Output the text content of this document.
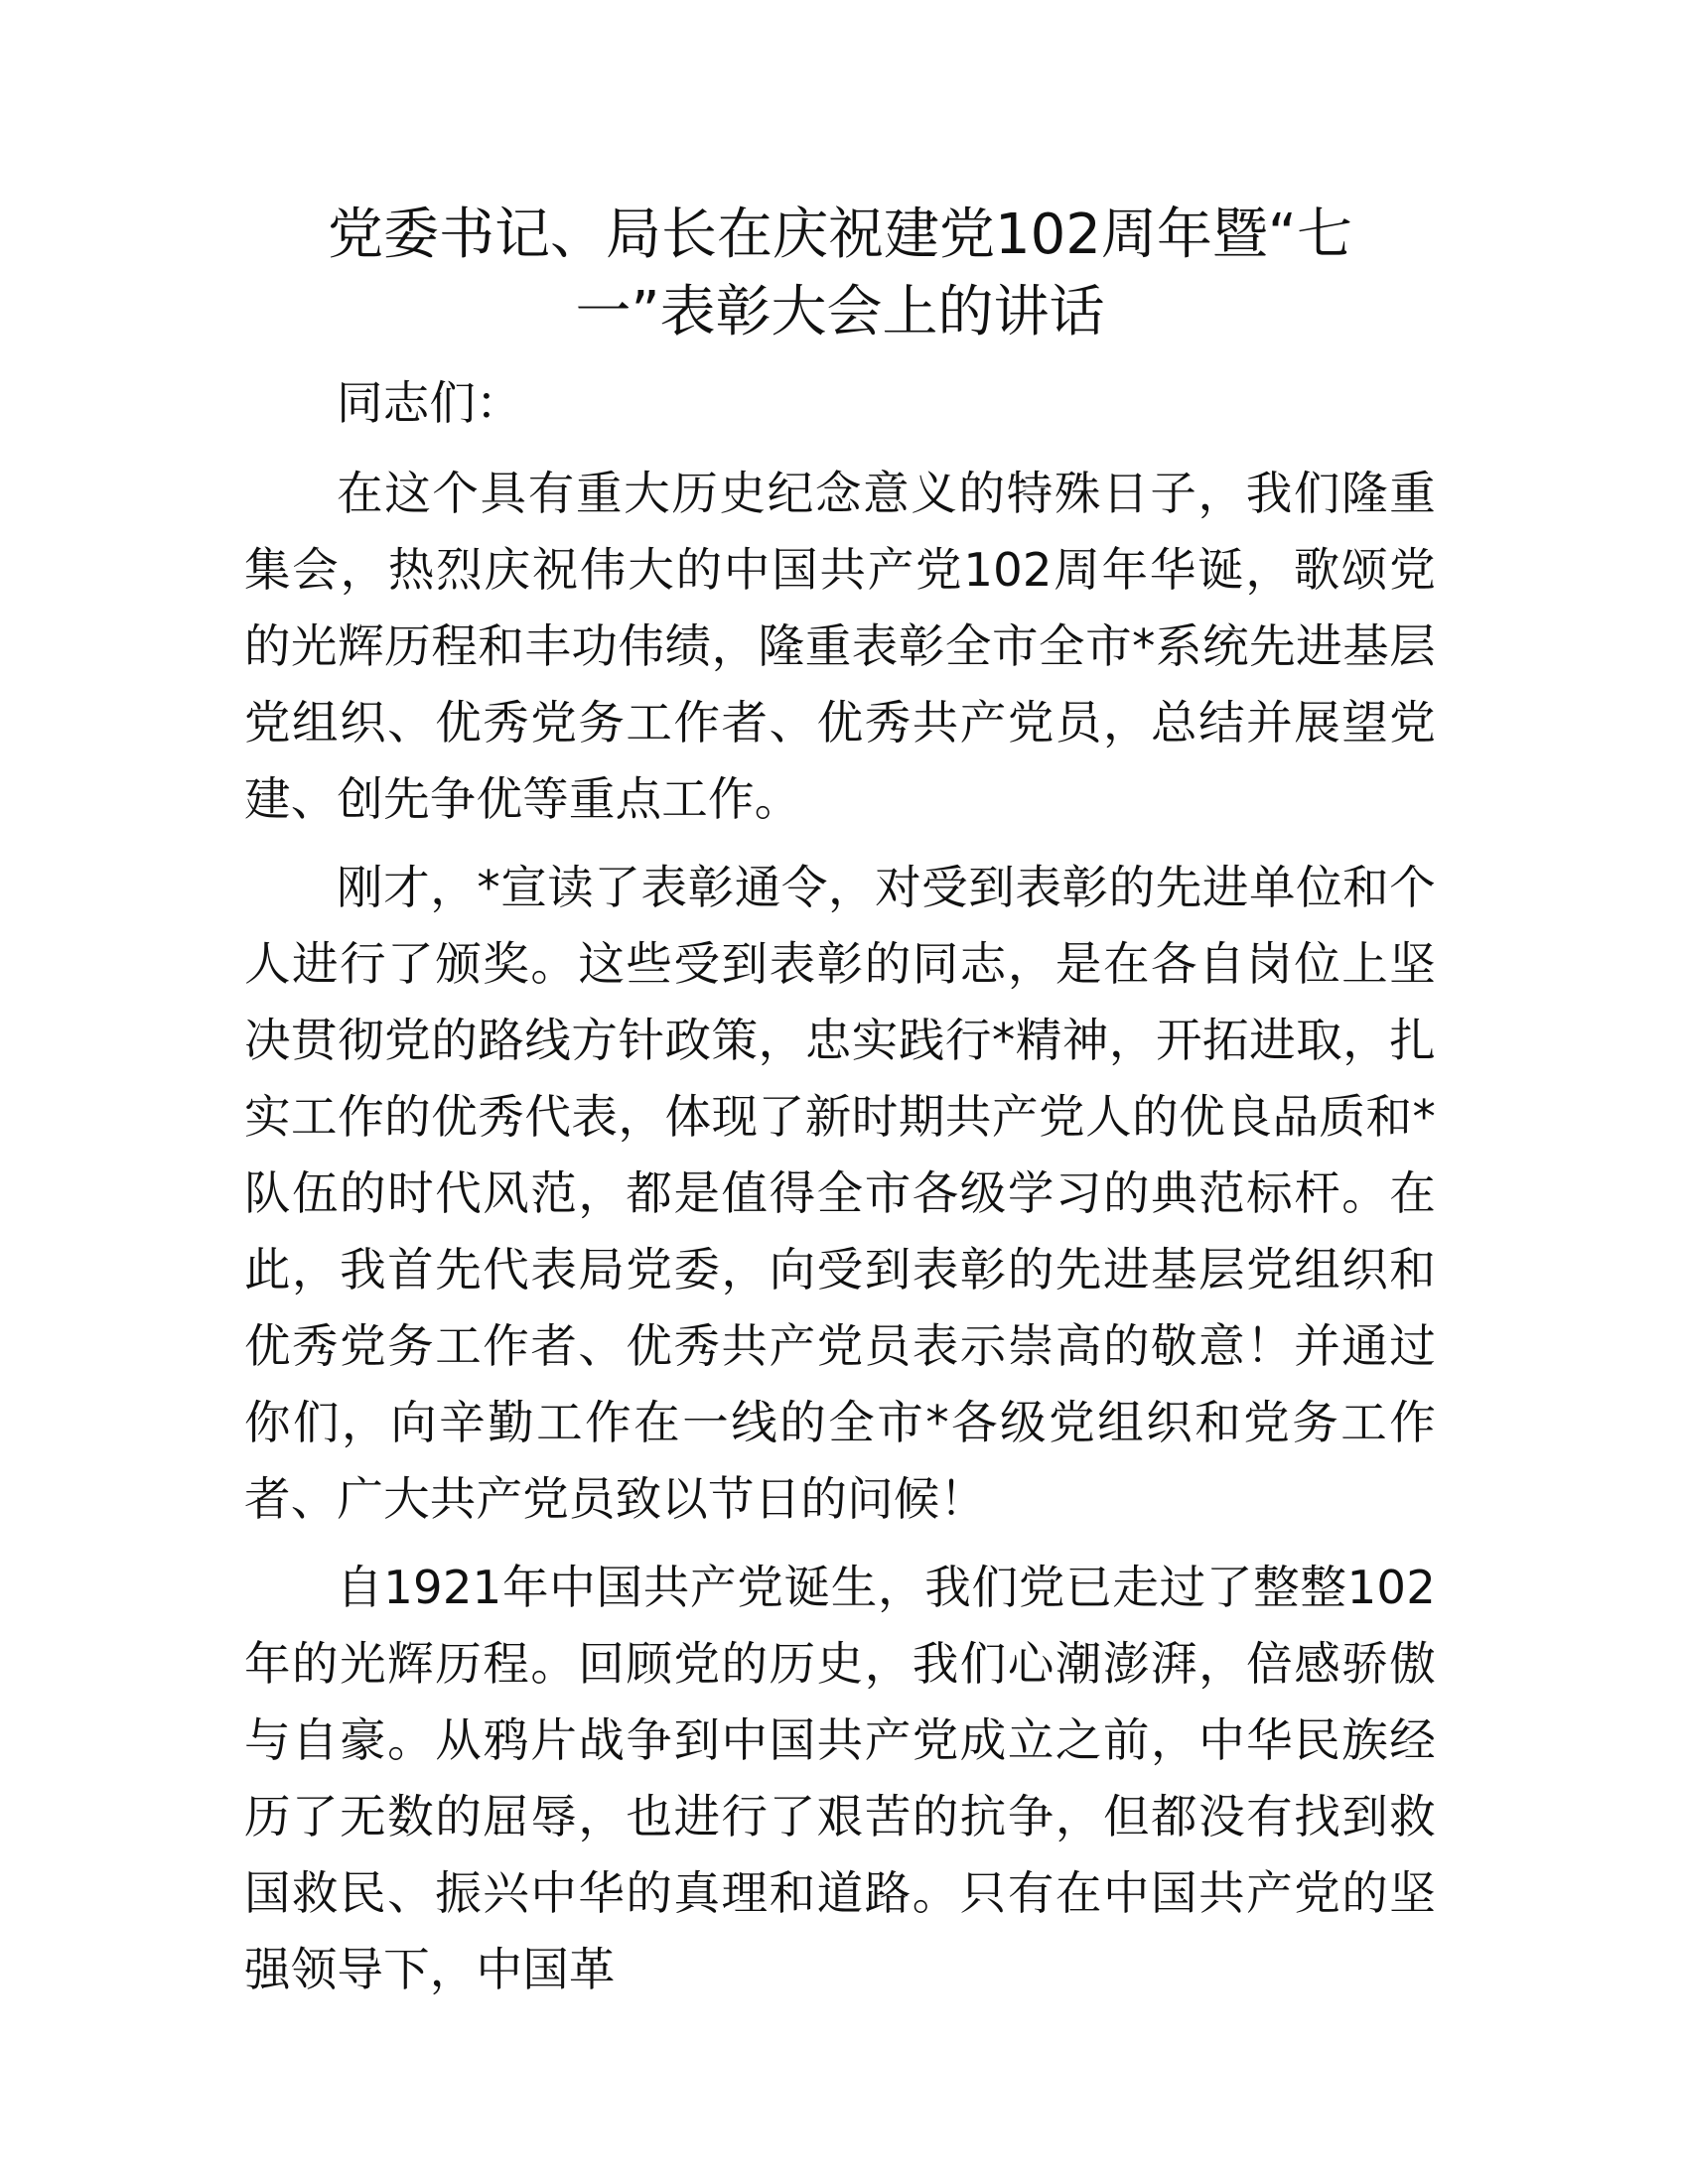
党委书记、局长在庆祝建党102周年暨“七
一”表彰大会上的讲话

同志们：

在这个具有重大历史纪念意义的特殊日子，我们隆重集会，热烈庆祝伟大的中国共产党102周年华诞，歌颂党的光辉历程和丰功伟绩，隆重表彰全市全市*系统先进基层党组织、优秀党务工作者、优秀共产党员，总结并展望党建、创先争优等重点工作。

刚才，*宣读了表彰通令，对受到表彰的先进单位和个人进行了颁奖。这些受到表彰的同志，是在各自岗位上坚决贯彻党的路线方针政策，忠实践行*精神，开拓进取，扎实工作的优秀代表，体现了新时期共产党人的优良品质和*队伍的时代风范，都是值得全市各级学习的典范标杆。在此，我首先代表局党委，向受到表彰的先进基层党组织和优秀党务工作者、优秀共产党员表示崇高的敬意！并通过你们，向辛勤工作在一线的全市*各级党组织和党务工作者、广大共产党员致以节日的问候！

自1921年中国共产党诞生，我们党已走过了整整102年的光辉历程。回顾党的历史，我们心潮澎湃，倍感骄傲与自豪。从鸦片战争到中国共产党成立之前，中华民族经历了无数的屈辱，也进行了艰苦的抗争，但都没有找到救国救民、振兴中华的真理和道路。只有在中国共产党的坚强领导下，中国革
